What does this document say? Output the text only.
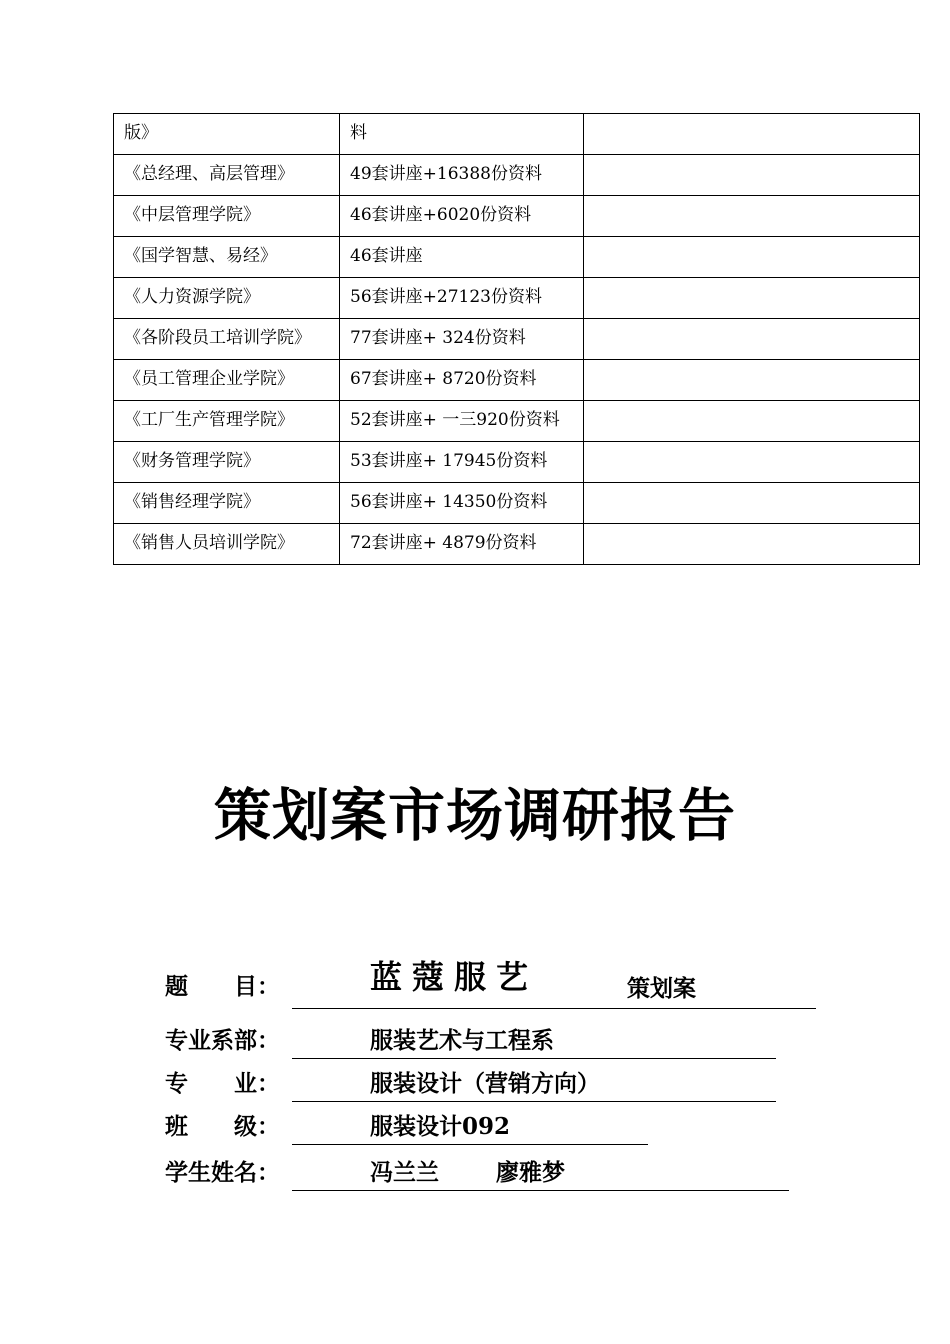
版》	料	
《总经理、高层管理》	49套讲座+16388份资料	
《中层管理学院》	46套讲座+6020份资料	
《国学智慧、易经》	46套讲座	
《人力资源学院》	56套讲座+27123份资料	
《各阶段员工培训学院》	77套讲座+ 324份资料	
《员工管理企业学院》	67套讲座+ 8720份资料	
《工厂生产管理学院》	52套讲座+ 一三920份资料	
《财务管理学院》	53套讲座+ 17945份资料	
《销售经理学院》	56套讲座+ 14350份资料	
《销售人员培训学院》	72套讲座+ 4879份资料	
策划案市场调研报告
题　　目：	蓝蔻服艺	策划案
专业系部：	服装艺术与工程系
专　　业：	服装设计（营销方向）
班　　级：	服装设计092
学生姓名：	冯兰兰 廖雅梦
